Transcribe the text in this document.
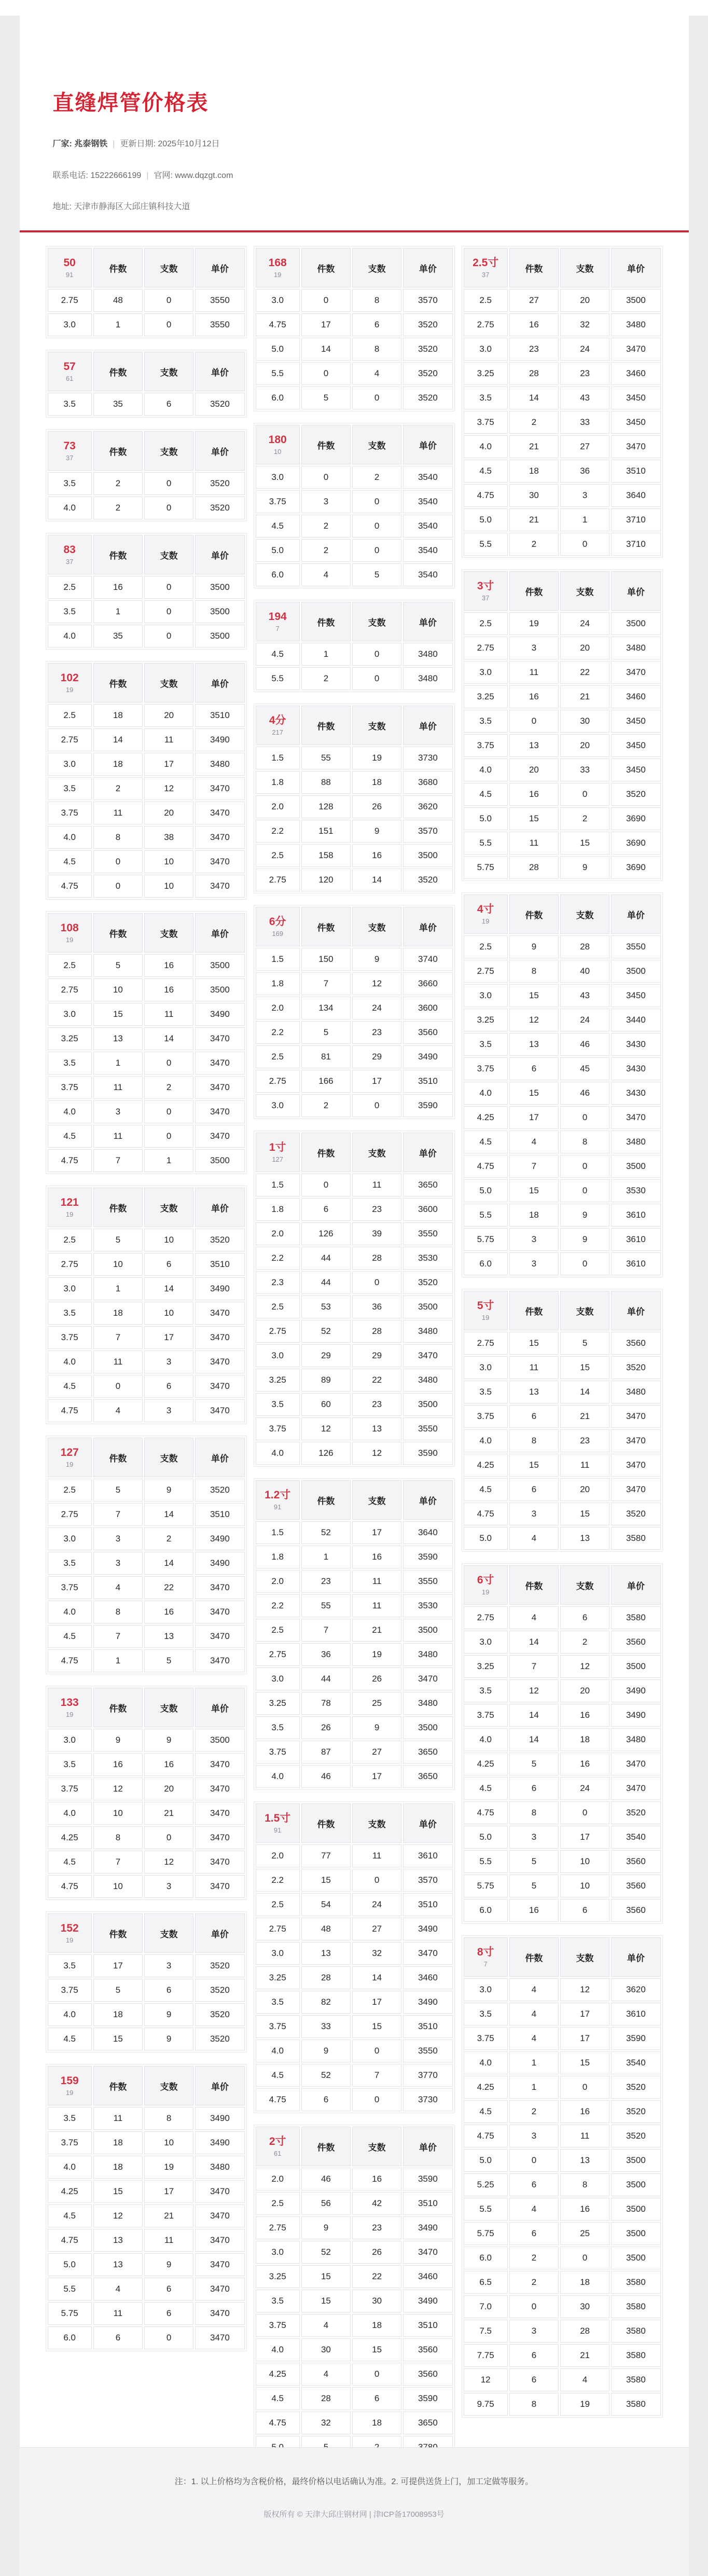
直缝焊管价格表
厂家: 兆泰钢铁 | 更新日期: 2025年10月12日
联系电话: 15222666199 | 官网: www.dqzgt.com
地址: 天津市静海区大邱庄镇科技大道
50
91	件数	支数	单价
2.75	48	0	3550
3.0	1	0	3550
57
61	件数	支数	单价
3.5	35	6	3520
73
37	件数	支数	单价
3.5	2	0	3520
4.0	2	0	3520
83
37	件数	支数	单价
2.5	16	0	3500
3.5	1	0	3500
4.0	35	0	3500
102
19	件数	支数	单价
2.5	18	20	3510
2.75	14	11	3490
3.0	18	17	3480
3.5	2	12	3470
3.75	11	20	3470
4.0	8	38	3470
4.5	0	10	3470
4.75	0	10	3470
108
19	件数	支数	单价
2.5	5	16	3500
2.75	10	16	3500
3.0	15	11	3490
3.25	13	14	3470
3.5	1	0	3470
3.75	11	2	3470
4.0	3	0	3470
4.5	11	0	3470
4.75	7	1	3500
121
19	件数	支数	单价
2.5	5	10	3520
2.75	10	6	3510
3.0	1	14	3490
3.5	18	10	3470
3.75	7	17	3470
4.0	11	3	3470
4.5	0	6	3470
4.75	4	3	3470
127
19	件数	支数	单价
2.5	5	9	3520
2.75	7	14	3510
3.0	3	2	3490
3.5	3	14	3490
3.75	4	22	3470
4.0	8	16	3470
4.5	7	13	3470
4.75	1	5	3470
133
19	件数	支数	单价
3.0	9	9	3500
3.5	16	16	3470
3.75	12	20	3470
4.0	10	21	3470
4.25	8	0	3470
4.5	7	12	3470
4.75	10	3	3470
152
19	件数	支数	单价
3.5	17	3	3520
3.75	5	6	3520
4.0	18	9	3520
4.5	15	9	3520
159
19	件数	支数	单价
3.5	11	8	3490
3.75	18	10	3490
4.0	18	19	3480
4.25	15	17	3470
4.5	12	21	3470
4.75	13	11	3470
5.0	13	9	3470
5.5	4	6	3470
5.75	11	6	3470
6.0	6	0	3470
168
19	件数	支数	单价
3.0	0	8	3570
4.75	17	6	3520
5.0	14	8	3520
5.5	0	4	3520
6.0	5	0	3520
180
10	件数	支数	单价
3.0	0	2	3540
3.75	3	0	3540
4.5	2	0	3540
5.0	2	0	3540
6.0	4	5	3540
194
7	件数	支数	单价
4.5	1	0	3480
5.5	2	0	3480
4分
217	件数	支数	单价
1.5	55	19	3730
1.8	88	18	3680
2.0	128	26	3620
2.2	151	9	3570
2.5	158	16	3500
2.75	120	14	3520
6分
169	件数	支数	单价
1.5	150	9	3740
1.8	7	12	3660
2.0	134	24	3600
2.2	5	23	3560
2.5	81	29	3490
2.75	166	17	3510
3.0	2	0	3590
1寸
127	件数	支数	单价
1.5	0	11	3650
1.8	6	23	3600
2.0	126	39	3550
2.2	44	28	3530
2.3	44	0	3520
2.5	53	36	3500
2.75	52	28	3480
3.0	29	29	3470
3.25	89	22	3480
3.5	60	23	3500
3.75	12	13	3550
4.0	126	12	3590
1.2寸
91	件数	支数	单价
1.5	52	17	3640
1.8	1	16	3590
2.0	23	11	3550
2.2	55	11	3530
2.5	7	21	3500
2.75	36	19	3480
3.0	44	26	3470
3.25	78	25	3480
3.5	26	9	3500
3.75	87	27	3650
4.0	46	17	3650
1.5寸
91	件数	支数	单价
2.0	77	11	3610
2.2	15	0	3570
2.5	54	24	3510
2.75	48	27	3490
3.0	13	32	3470
3.25	28	14	3460
3.5	82	17	3490
3.75	33	15	3510
4.0	9	0	3550
4.5	52	7	3770
4.75	6	0	3730
2寸
61	件数	支数	单价
2.0	46	16	3590
2.5	56	42	3510
2.75	9	23	3490
3.0	52	26	3470
3.25	15	22	3460
3.5	15	30	3490
3.75	4	18	3510
4.0	30	15	3560
4.25	4	0	3560
4.5	28	6	3590
4.75	32	18	3650

2.5寸
37	件数	支数	单价
2.5	27	20	3500
2.75	16	32	3480
3.0	23	24	3470
3.25	28	23	3460
3.5	14	43	3450
3.75	2	33	3450
4.0	21	27	3470
4.5	18	36	3510
4.75	30	3	3640
5.0	21	1	3710
5.5	2	0	3710
3寸
37	件数	支数	单价
2.5	19	24	3500
2.75	3	20	3480
3.0	11	22	3470
3.25	16	21	3460
3.5	0	30	3450
3.75	13	20	3450
4.0	20	33	3450
4.5	16	0	3520
5.0	15	2	3690
5.5	11	15	3690
5.75	28	9	3690
4寸
19	件数	支数	单价
2.5	9	28	3550
2.75	8	40	3500
3.0	15	43	3450
3.25	12	24	3440
3.5	13	46	3430
3.75	6	45	3430
4.0	15	46	3430
4.25	17	0	3470
4.5	4	8	3480
4.75	7	0	3500
5.0	15	0	3530
5.5	18	9	3610
5.75	3	9	3610
6.0	3	0	3610
5寸
19	件数	支数	单价
2.75	15	5	3560
3.0	11	15	3520
3.5	13	14	3480
3.75	6	21	3470
4.0	8	23	3470
4.25	15	11	3470
4.5	6	20	3470
4.75	3	15	3520
5.0	4	13	3580
6寸
19	件数	支数	单价
2.75	4	6	3580
3.0	14	2	3560
3.25	7	12	3500
3.5	12	20	3490
3.75	14	16	3490
4.0	14	18	3480
4.25	5	16	3470
4.5	6	24	3470
4.75	8	0	3520
5.0	3	17	3540
5.5	5	10	3560
5.75	5	10	3560
6.0	16	6	3560
8寸
7	件数	支数	单价
3.0	4	12	3620
3.5	4	17	3610
3.75	4	17	3590
4.0	1	15	3540
4.25	1	0	3520
4.5	2	16	3520
4.75	3	11	3520
5.0	0	13	3500
5.25	6	8	3500
5.5	4	16	3500
5.75	6	25	3500
6.0	2	0	3500
6.5	2	18	3580
7.0	0	30	3580
7.5	3	28	3580
7.75	6	21	3580
12	6	4	3580
9.75	8	19	3580
注：1. 以上价格均为含税价格，最终价格以电话确认为准。2. 可提供送货上门，加工定做等服务。
版权所有 © 天津大邱庄钢材网 | 津ICP备17008953号
